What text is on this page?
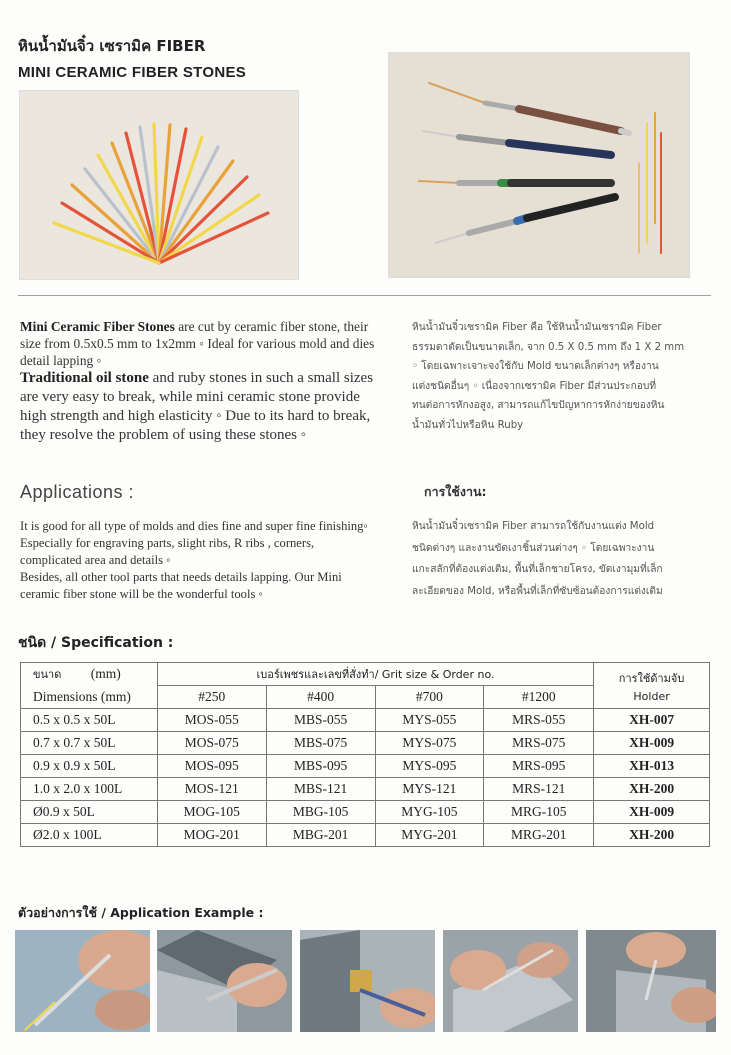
หินน้ำมันจิ๋ว เซรามิค FIBER
MINI CERAMIC FIBER STONES
Mini Ceramic Fiber Stones are cut by ceramic fiber stone, their
size from 0.5x0.5 mm to 1x2mm ◦ Ideal for various mold and dies
detail lapping ◦
Traditional oil stone and ruby stones in such a small sizes
are very easy to break, while mini ceramic stone provide
high strength and high elasticity ◦ Due to its hard to break,
they resolve the problem of using these stones ◦
หินน้ำมันจิ๋วเซรามิค Fiber คือ ใช้หินน้ำมันเซรามิค Fiber
ธรรมดาตัดเป็นขนาดเล็ก, จาก 0.5 X 0.5 mm ถึง 1 X 2 mm
◦ โดยเฉพาะเจาะจงใช้กับ Mold ขนาดเล็กต่างๆ หรืองาน
แต่งชนิดอื่นๆ ◦ เนื่องจากเซรามิค Fiber มีส่วนประกอบที่
ทนต่อการหักงอสูง, สามารถแก้ไขปัญหาการหักง่ายของหิน
น้ำมันทั่วไปหรือหิน Ruby
Applications :	การใช้งาน:
It is good for all type of molds and dies fine and super fine finishing◦
Especially for engraving parts, slight ribs, R ribs , corners,
complicated area and details ◦
Besides, all other tool parts that needs details lapping. Our Mini
ceramic fiber stone will be the wonderful tools ◦
หินน้ำมันจิ๋วเซรามิค Fiber สามารถใช้กับงานแต่ง Mold
ชนิดต่างๆ และงานขัดเงาชิ้นส่วนต่างๆ ◦ โดยเฉพาะงาน
แกะสลักที่ต้องแต่งเติม, พื้นที่เล็กชายโครง, ขัดเงามุมที่เล็ก
ละเอียดของ Mold, หรือพื้นที่เล็กที่ซับซ้อนต้องการแต่งเติม
ชนิด / Specification :
ขนาด (mm)	เบอร์เพชรและเลขที่สั่งทำ/ Grit size & Order no.				การใช้ด้ามจับ
Holder

Dimensions (mm)	#250	#400	#700	#1200	
0.5 x 0.5 x 50L	MOS-055	MBS-055	MYS-055	MRS-055	XH-007
0.7 x 0.7 x 50L	MOS-075	MBS-075	MYS-075	MRS-075	XH-009
0.9 x 0.9 x 50L	MOS-095	MBS-095	MYS-095	MRS-095	XH-013
1.0 x 2.0 x 100L	MOS-121	MBS-121	MYS-121	MRS-121	XH-200
Ø0.9 x 50L	MOG-105	MBG-105	MYG-105	MRG-105	XH-009
Ø2.0 x 100L	MOG-201	MBG-201	MYG-201	MRG-201	XH-200
ตัวอย่างการใช้ / Application Example :
